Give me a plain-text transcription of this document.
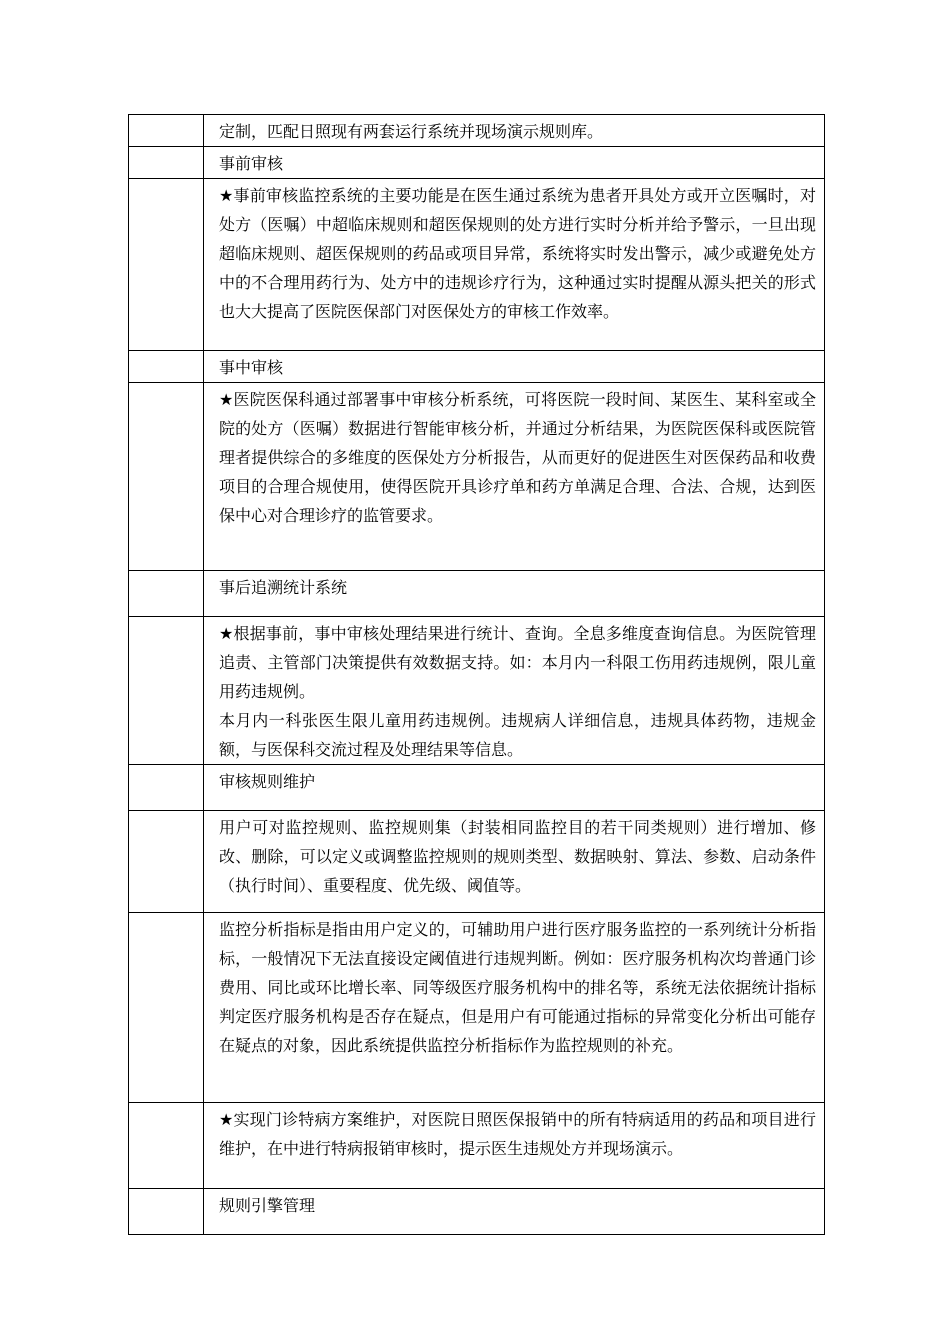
	定制，匹配日照现有两套运行系统并现场演示规则库。

	事前审核

	★事前审核监控系统的主要功能是在医生通过系统为患者开具处方或开立医嘱时，对处方（医嘱）中超临床规则和超医保规则的处方进行实时分析并给予警示，一旦出现超临床规则、超医保规则的药品或项目异常，系统将实时发出警示，减少或避免处方中的不合理用药行为、处方中的违规诊疗行为，这种通过实时提醒从源头把关的形式也大大提高了医院医保部门对医保处方的审核工作效率。

	事中审核

	★医院医保科通过部署事中审核分析系统，可将医院一段时间、某医生、某科室或全院的处方（医嘱）数据进行智能审核分析，并通过分析结果，为医院医保科或医院管理者提供综合的多维度的医保处方分析报告，从而更好的促进医生对医保药品和收费项目的合理合规使用，使得医院开具诊疗单和药方单满足合理、合法、合规，达到医保中心对合理诊疗的监管要求。

	事后追溯统计系统

	★根据事前，事中审核处理结果进行统计、查询。全息多维度查询信息。为医院管理追责、主管部门决策提供有效数据支持。如：本月内一科限工伤用药违规例，限儿童用药违规例。

本月内一科张医生限儿童用药违规例。违规病人详细信息，违规具体药物，违规金额，与医保科交流过程及处理结果等信息。

	审核规则维护

	用户可对监控规则、监控规则集（封装相同监控目的若干同类规则）进行增加、修改、删除，可以定义或调整监控规则的规则类型、数据映射、算法、参数、启动条件（执行时间）、重要程度、优先级、阈值等。

	监控分析指标是指由用户定义的，可辅助用户进行医疗服务监控的一系列统计分析指标，一般情况下无法直接设定阈值进行违规判断。例如：医疗服务机构次均普通门诊费用、同比或环比增长率、同等级医疗服务机构中的排名等，系统无法依据统计指标判定医疗服务机构是否存在疑点，但是用户有可能通过指标的异常变化分析出可能存在疑点的对象，因此系统提供监控分析指标作为监控规则的补充。

	★实现门诊特病方案维护，对医院日照医保报销中的所有特病适用的药品和项目进行维护，在中进行特病报销审核时，提示医生违规处方并现场演示。

	规则引擎管理
